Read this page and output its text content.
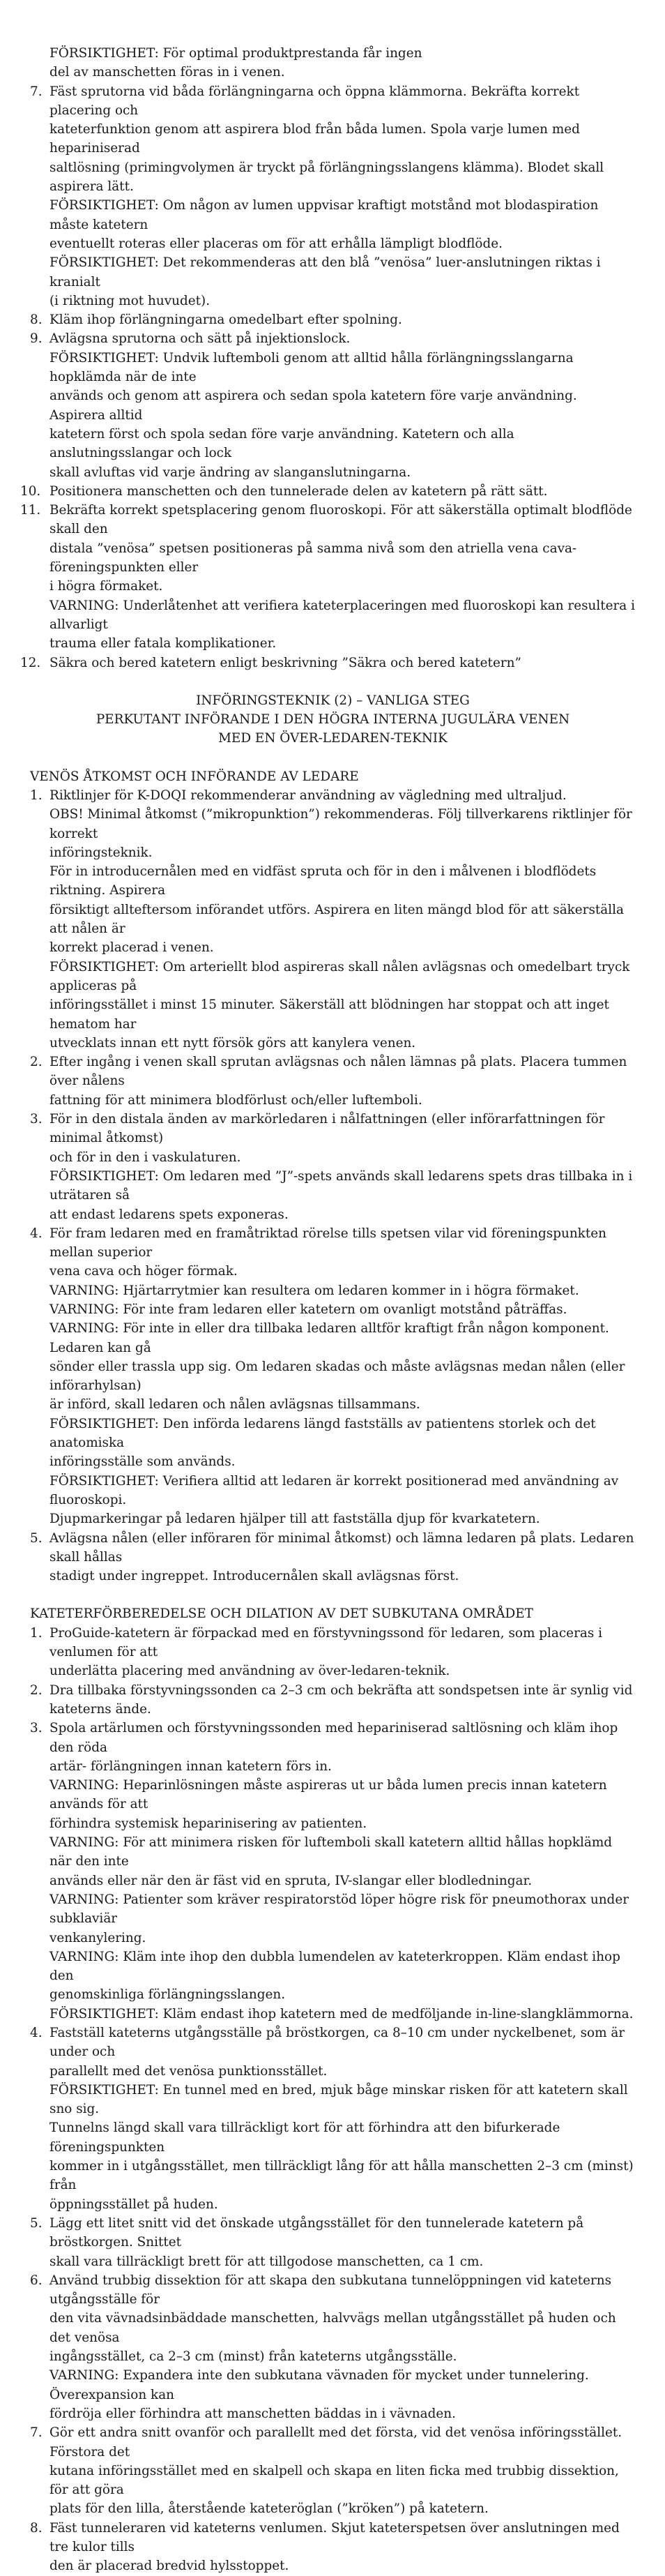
FÖRSIKTIGHET: För optimal produktprestanda får ingen
del av manschetten föras in i venen.
7. Fäst sprutorna vid båda förlängningarna och öppna klämmorna. Bekräfta korrekt placering och
kateterfunktion genom att aspirera blod från båda lumen. Spola varje lumen med hepariniserad
saltlösning (primingvolymen är tryckt på förlängningsslangens klämma). Blodet skall aspirera lätt.
FÖRSIKTIGHET: Om någon av lumen uppvisar kraftigt motstånd mot blodaspiration måste katetern
eventuellt roteras eller placeras om för att erhålla lämpligt blodflöde.
FÖRSIKTIGHET: Det rekommenderas att den blå ”venösa” luer-anslutningen riktas i kranialt
(i riktning mot huvudet).
8. Kläm ihop förlängningarna omedelbart efter spolning.
9. Avlägsna sprutorna och sätt på injektionslock.
FÖRSIKTIGHET: Undvik luftemboli genom att alltid hålla förlängningsslangarna hopklämda när de inte
används och genom att aspirera och sedan spola katetern före varje användning. Aspirera alltid
katetern först och spola sedan före varje användning. Katetern och alla anslutningsslangar och lock
skall avluftas vid varje ändring av slanganslutningarna.
10. Positionera manschetten och den tunnelerade delen av katetern på rätt sätt.
11. Bekräfta korrekt spetsplacering genom fluoroskopi. För att säkerställa optimalt blodflöde skall den
distala ”venösa” spetsen positioneras på samma nivå som den atriella vena cava-föreningspunkten eller
i högra förmaket.
VARNING: Underlåtenhet att verifiera kateterplaceringen med fluoroskopi kan resultera i allvarligt
trauma eller fatala komplikationer.
12. Säkra och bered katetern enligt beskrivning ”Säkra och bered katetern”
INFÖRINGSTEKNIK (2) – VANLIGA STEG
PERKUTANT INFÖRANDE I DEN HÖGRA INTERNA JUGULÄRA VENEN
MED EN ÖVER-LEDAREN-TEKNIK
VENÖS ÅTKOMST OCH INFÖRANDE AV LEDARE
1. Riktlinjer för K-DOQI rekommenderar användning av vägledning med ultraljud.
OBS! Minimal åtkomst (”mikropunktion”) rekommenderas. Följ tillverkarens riktlinjer för korrekt
införingsteknik.
För in introducernålen med en vidfäst spruta och för in den i målvenen i blodflödets riktning. Aspirera
försiktigt allteftersom införandet utförs. Aspirera en liten mängd blod för att säkerställa att nålen är
korrekt placerad i venen.
FÖRSIKTIGHET: Om arteriellt blod aspireras skall nålen avlägsnas och omedelbart tryck appliceras på
införingsstället i minst 15 minuter. Säkerställ att blödningen har stoppat och att inget hematom har
utvecklats innan ett nytt försök görs att kanylera venen.
2. Efter ingång i venen skall sprutan avlägsnas och nålen lämnas på plats. Placera tummen över nålens
fattning för att minimera blodförlust och/eller luftemboli.
3. För in den distala änden av markörledaren i nålfattningen (eller införarfattningen för minimal åtkomst)
och för in den i vaskulaturen.
FÖRSIKTIGHET: Om ledaren med ”J”-spets används skall ledarens spets dras tillbaka in i uträtaren så
att endast ledarens spets exponeras.
4. För fram ledaren med en framåtriktad rörelse tills spetsen vilar vid föreningspunkten mellan superior
vena cava och höger förmak.
VARNING: Hjärtarrytmier kan resultera om ledaren kommer in i högra förmaket.
VARNING: För inte fram ledaren eller katetern om ovanligt motstånd påträffas.
VARNING: För inte in eller dra tillbaka ledaren alltför kraftigt från någon komponent. Ledaren kan gå
sönder eller trassla upp sig. Om ledaren skadas och måste avlägsnas medan nålen (eller införarhylsan)
är införd, skall ledaren och nålen avlägsnas tillsammans.
FÖRSIKTIGHET: Den införda ledarens längd fastställs av patientens storlek och det anatomiska
införingsställe som används.
FÖRSIKTIGHET: Verifiera alltid att ledaren är korrekt positionerad med användning av fluoroskopi.
Djupmarkeringar på ledaren hjälper till att fastställa djup för kvarkatetern.
5. Avlägsna nålen (eller införaren för minimal åtkomst) och lämna ledaren på plats. Ledaren skall hållas
stadigt under ingreppet. Introducernålen skall avlägsnas först.
KATETERFÖRBEREDELSE OCH DILATION AV DET SUBKUTANA OMRÅDET
1. ProGuide-katetern är förpackad med en förstyvningssond för ledaren, som placeras i venlumen för att
underlätta placering med användning av över-ledaren-teknik.
2. Dra tillbaka förstyvningssonden ca 2–3 cm och bekräfta att sondspetsen inte är synlig vid kateterns ände.
3. Spola artärlumen och förstyvningssonden med hepariniserad saltlösning och kläm ihop den röda
artär- förlängningen innan katetern förs in.
VARNING: Heparinlösningen måste aspireras ut ur båda lumen precis innan katetern används för att
förhindra systemisk heparinisering av patienten.
VARNING: För att minimera risken för luftemboli skall katetern alltid hållas hopklämd när den inte
används eller när den är fäst vid en spruta, IV-slangar eller blodledningar.
VARNING: Patienter som kräver respiratorstöd löper högre risk för pneumothorax under subklaviär
venkanylering.
VARNING: Kläm inte ihop den dubbla lumendelen av kateterkroppen. Kläm endast ihop den
genomskinliga förlängningsslangen.
FÖRSIKTIGHET: Kläm endast ihop katetern med de medföljande in-line-slangklämmorna.
4. Fastställ kateterns utgångsställe på bröstkorgen, ca 8–10 cm under nyckelbenet, som är under och
parallellt med det venösa punktionsstället.
FÖRSIKTIGHET: En tunnel med en bred, mjuk båge minskar risken för att katetern skall sno sig.
Tunnelns längd skall vara tillräckligt kort för att förhindra att den bifurkerade föreningspunkten
kommer in i utgångsstället, men tillräckligt lång för att hålla manschetten 2–3 cm (minst) från
öppningsstället på huden.
5. Lägg ett litet snitt vid det önskade utgångsstället för den tunnelerade katetern på bröstkorgen. Snittet
skall vara tillräckligt brett för att tillgodose manschetten, ca 1 cm.
6. Använd trubbig dissektion för att skapa den subkutana tunnelöppningen vid kateterns utgångsställe för
den vita vävnadsinbäddade manschetten, halvvägs mellan utgångsstället på huden och det venösa
ingångsstället, ca 2–3 cm (minst) från kateterns utgångsställe.
VARNING: Expandera inte den subkutana vävnaden för mycket under tunnelering. Överexpansion kan
fördröja eller förhindra att manschetten bäddas in i vävnaden.
7. Gör ett andra snitt ovanför och parallellt med det första, vid det venösa införingsstället. Förstora det
kutana införingsstället med en skalpell och skapa en liten ficka med trubbig dissektion, för att göra
plats för den lilla, återstående kateteröglan (”kröken”) på katetern.
8. Fäst tunneleraren vid kateterns venlumen. Skjut kateterspetsen över anslutningen med tre kulor tills
den är placerad bredvid hylsstoppet.
